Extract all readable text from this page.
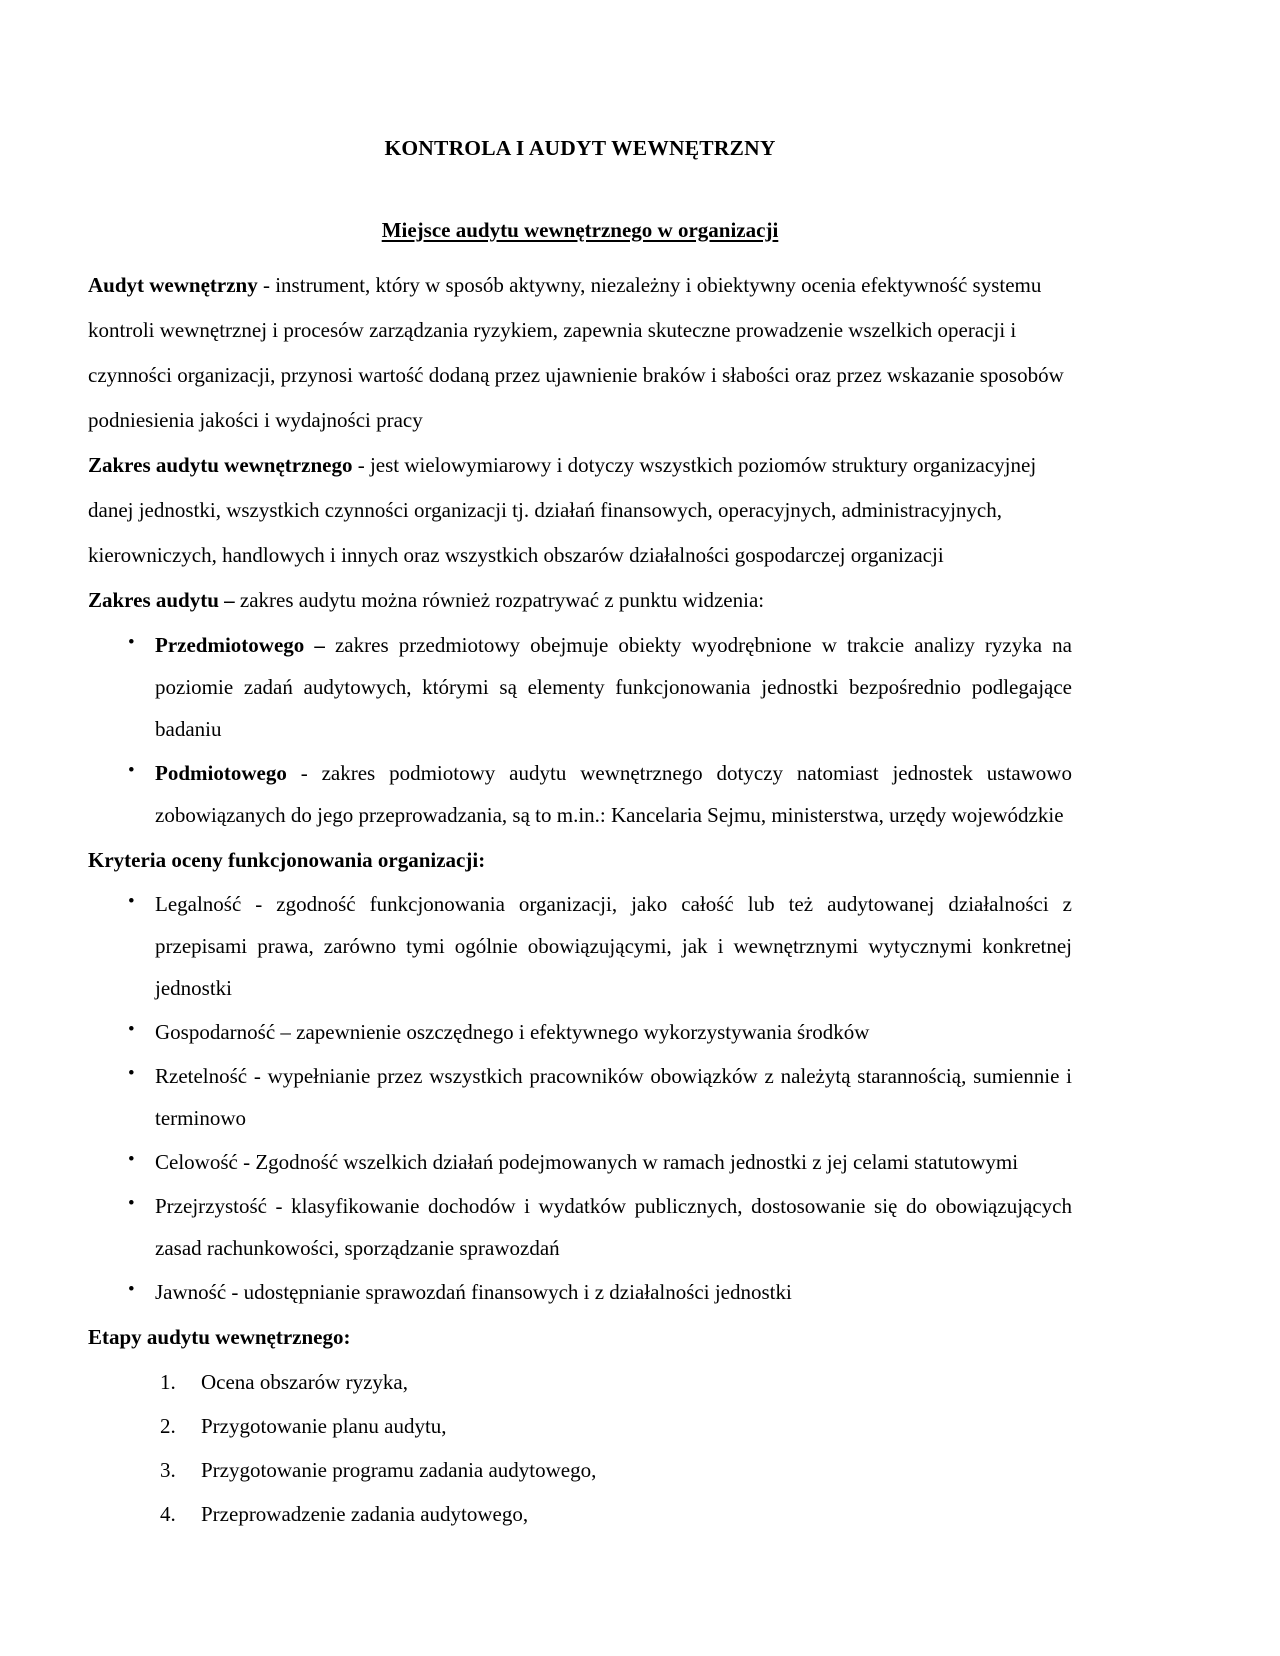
KONTROLA I AUDYT WEWNĘTRZNY
Miejsce audytu wewnętrznego w organizacji

Audyt wewnętrzny - instrument, który w sposób aktywny, niezależny i obiektywny ocenia efektywność systemu kontroli wewnętrznej i procesów zarządzania ryzykiem, zapewnia skuteczne prowadzenie wszelkich operacji i czynności organizacji, przynosi wartość dodaną przez ujawnienie braków i słabości oraz przez wskazanie sposobów podniesienia jakości i wydajności pracy

Zakres audytu wewnętrznego - jest wielowymiarowy i dotyczy wszystkich poziomów struktury organizacyjnej danej jednostki, wszystkich czynności organizacji tj. działań finansowych, operacyjnych, administracyjnych, kierowniczych, handlowych i innych oraz wszystkich obszarów działalności gospodarczej organizacji

Zakres audytu – zakres audytu można również rozpatrywać z punktu widzenia:

• Przedmiotowego – zakres przedmiotowy obejmuje obiekty wyodrębnione w trakcie analizy ryzyka na poziomie zadań audytowych, którymi są elementy funkcjonowania jednostki bezpośrednio podlegające badaniu
• Podmiotowego - zakres podmiotowy audytu wewnętrznego dotyczy natomiast jednostek ustawowo zobowiązanych do jego przeprowadzania, są to m.in.: Kancelaria Sejmu, ministerstwa, urzędy wojewódzkie

Kryteria oceny funkcjonowania organizacji:

• Legalność - zgodność funkcjonowania organizacji, jako całość lub też audytowanej działalności z przepisami prawa, zarówno tymi ogólnie obowiązującymi, jak i wewnętrznymi wytycznymi konkretnej jednostki
• Gospodarność – zapewnienie oszczędnego i efektywnego wykorzystywania środków
• Rzetelność - wypełnianie przez wszystkich pracowników obowiązków z należytą starannością, sumiennie i terminowo
• Celowość - Zgodność wszelkich działań podejmowanych w ramach jednostki z jej celami statutowymi
• Przejrzystość - klasyfikowanie dochodów i wydatków publicznych, dostosowanie się do obowiązujących zasad rachunkowości, sporządzanie sprawozdań
• Jawność - udostępnianie sprawozdań finansowych i z działalności jednostki

Etapy audytu wewnętrznego:

1. Ocena obszarów ryzyka,
2. Przygotowanie planu audytu,
3. Przygotowanie programu zadania audytowego,
4. Przeprowadzenie zadania audytowego,
